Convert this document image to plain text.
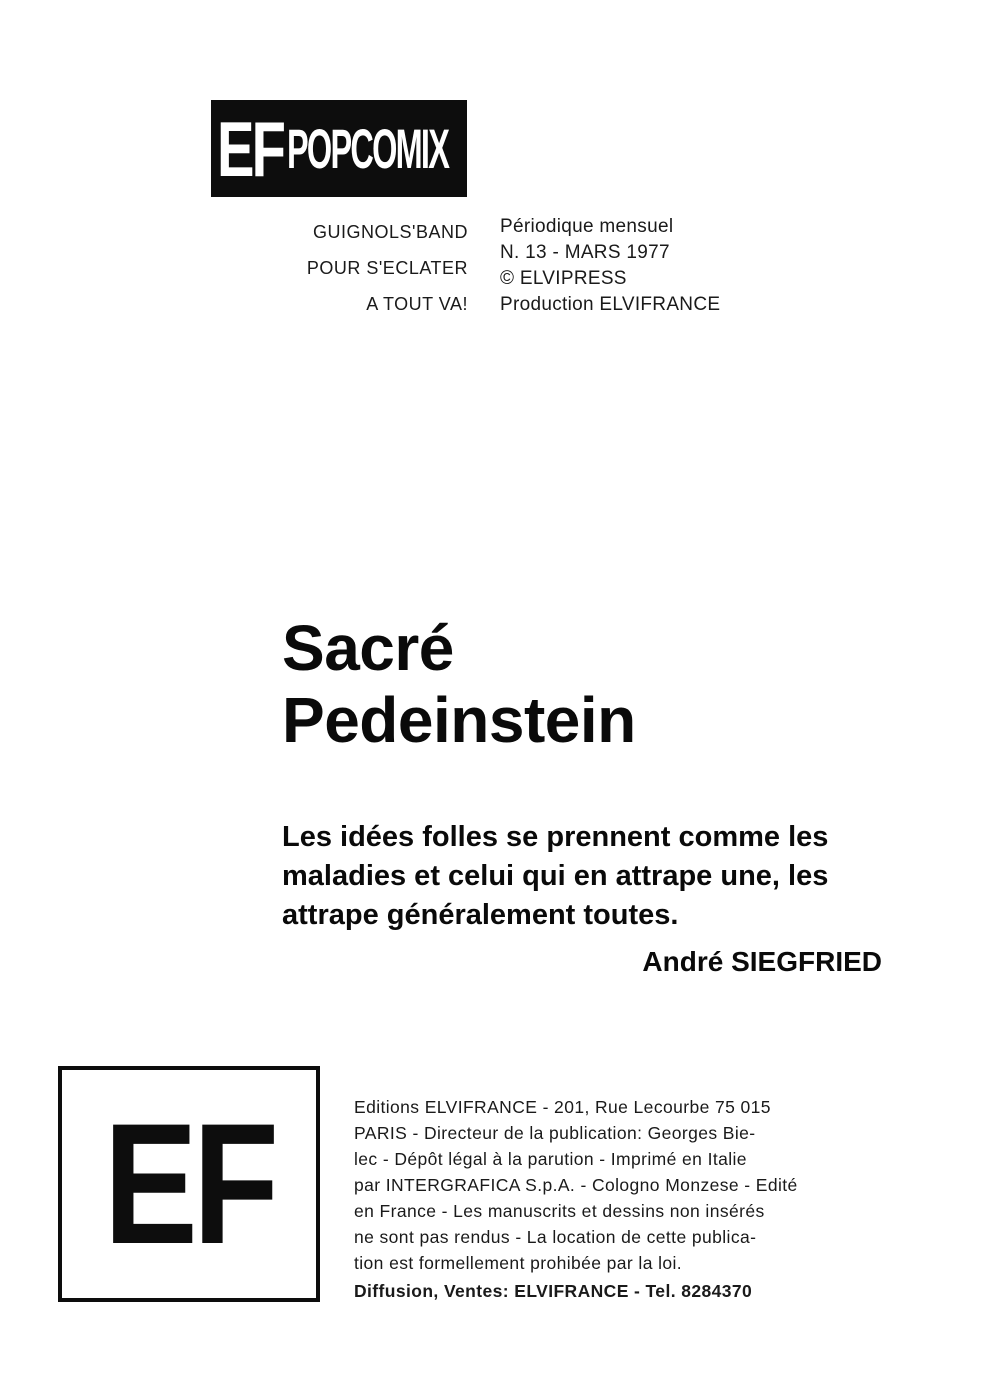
EF POPCOMIX
GUIGNOLS'BAND
POUR S'ECLATER
A TOUT VA!
Périodique mensuel
N. 13 - MARS 1977
© ELVIPRESS
Production ELVIFRANCE
Sacré
Pedeinstein
Les idées folles se prennent comme les
maladies et celui qui en attrape une, les
attrape généralement toutes.
André SIEGFRIED
EF	Editions ELVIFRANCE - 201, Rue Lecourbe 75 015
PARIS - Directeur de la publication: Georges Bie-
lec - Dépôt légal à la parution - Imprimé en Italie
par INTERGRAFICA S.p.A. - Cologno Monzese - Edité
en France - Les manuscrits et dessins non insérés
ne sont pas rendus - La location de cette publica-
tion est formellement prohibée par la loi.
Diffusion, Ventes: ELVIFRANCE - Tel. 8284370
